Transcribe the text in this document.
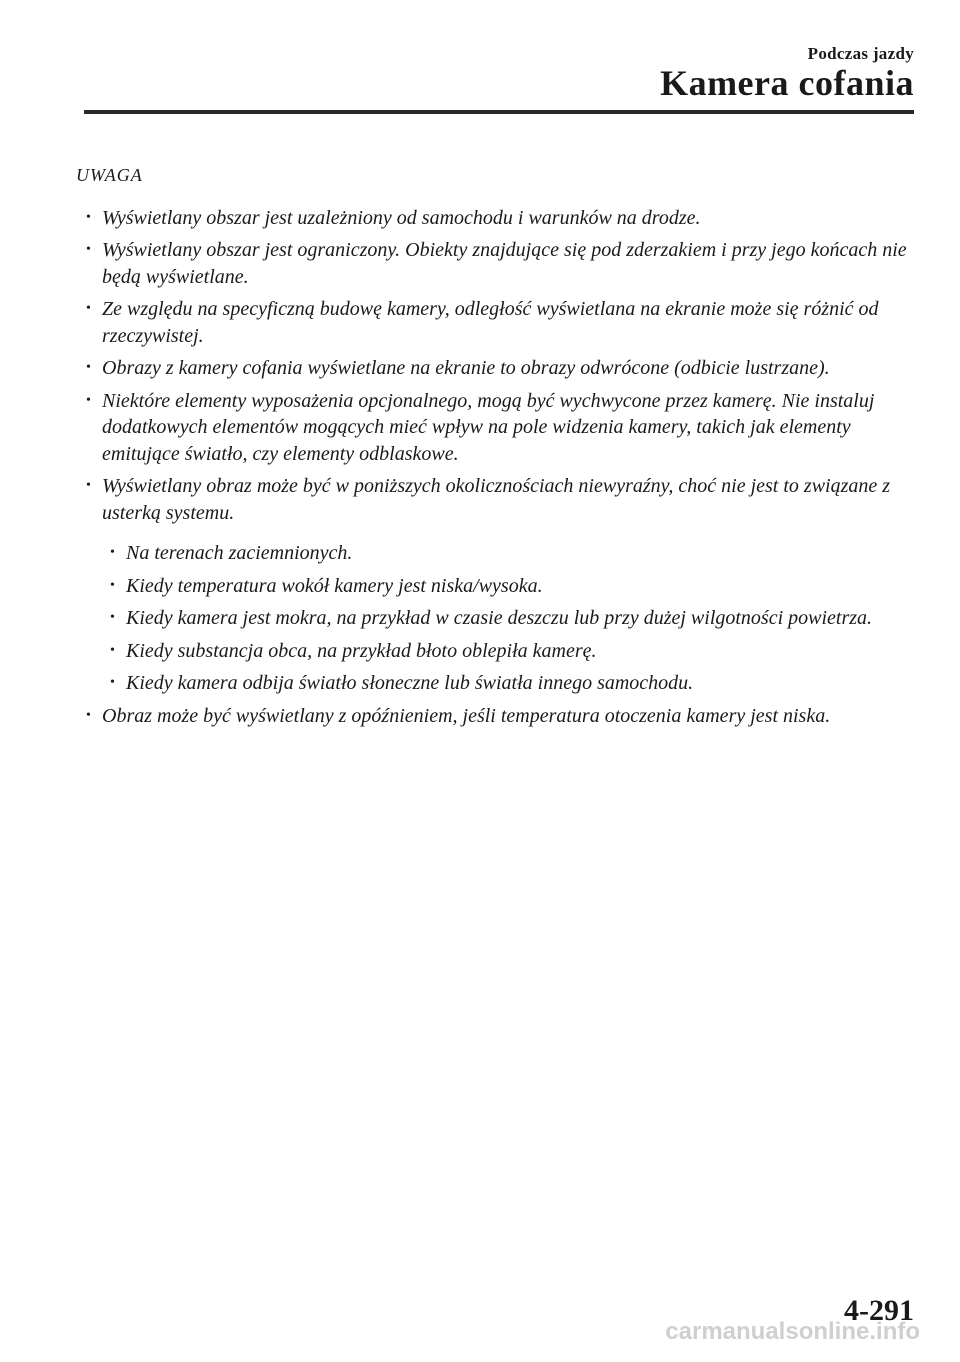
Podczas jazdy
Kamera cofania
UWAGA
• Wyświetlany obszar jest uzależniony od samochodu i warunków na drodze.
• Wyświetlany obszar jest ograniczony. Obiekty znajdujące się pod zderzakiem i przy jego końcach nie będą wyświetlane.
• Ze względu na specyficzną budowę kamery, odległość wyświetlana na ekranie może się różnić od rzeczywistej.
• Obrazy z kamery cofania wyświetlane na ekranie to obrazy odwrócone (odbicie lustrzane).
• Niektóre elementy wyposażenia opcjonalnego, mogą być wychwycone przez kamerę. Nie instaluj dodatkowych elementów mogących mieć wpływ na pole widzenia kamery, takich jak elementy emitujące światło, czy elementy odblaskowe.
• Wyświetlany obraz może być w poniższych okolicznościach niewyraźny, choć nie jest to związane z usterką systemu.
• Na terenach zaciemnionych.
• Kiedy temperatura wokół kamery jest niska/wysoka.
• Kiedy kamera jest mokra, na przykład w czasie deszczu lub przy dużej wilgotności powietrza.
• Kiedy substancja obca, na przykład błoto oblepiła kamerę.
• Kiedy kamera odbija światło słoneczne lub światła innego samochodu.
• Obraz może być wyświetlany z opóźnieniem, jeśli temperatura otoczenia kamery jest niska.
4-291
carmanualsonline.info
